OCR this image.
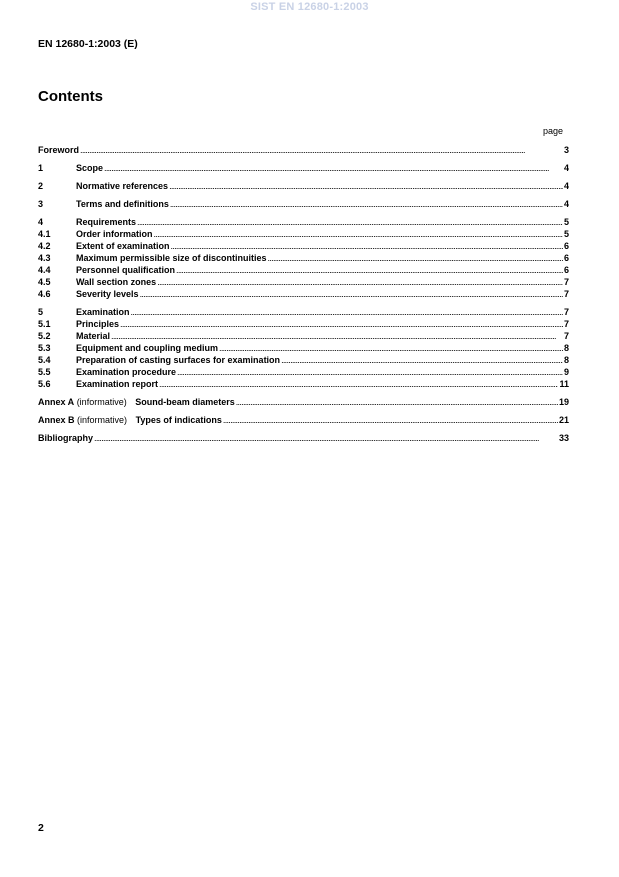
SIST EN 12680-1:2003
EN 12680-1:2003 (E)
Contents
page
Foreword . . .	3
1	Scope . . .	4
2	Normative references . . .	4
3	Terms and definitions . . .	4
4	Requirements . . .	5
4.1	Order information . . .	5
4.2	Extent of examination . . .	6
4.3	Maximum permissible size of discontinuities . . .	6
4.4	Personnel qualification . . .	6
4.5	Wall section zones . . .	7
4.6	Severity levels . . .	7
5	Examination . . .	7
5.1	Principles . . .	7
5.2	Material . . .	7
5.3	Equipment and coupling medium . . .	8
5.4	Preparation of casting surfaces for examination . . .	8
5.5	Examination procedure . . .	9
5.6	Examination report . . .	11
Annex A (informative) Sound-beam diameters . . .	19
Annex B (informative) Types of indications . . .	21
Bibliography . . .	33
2
